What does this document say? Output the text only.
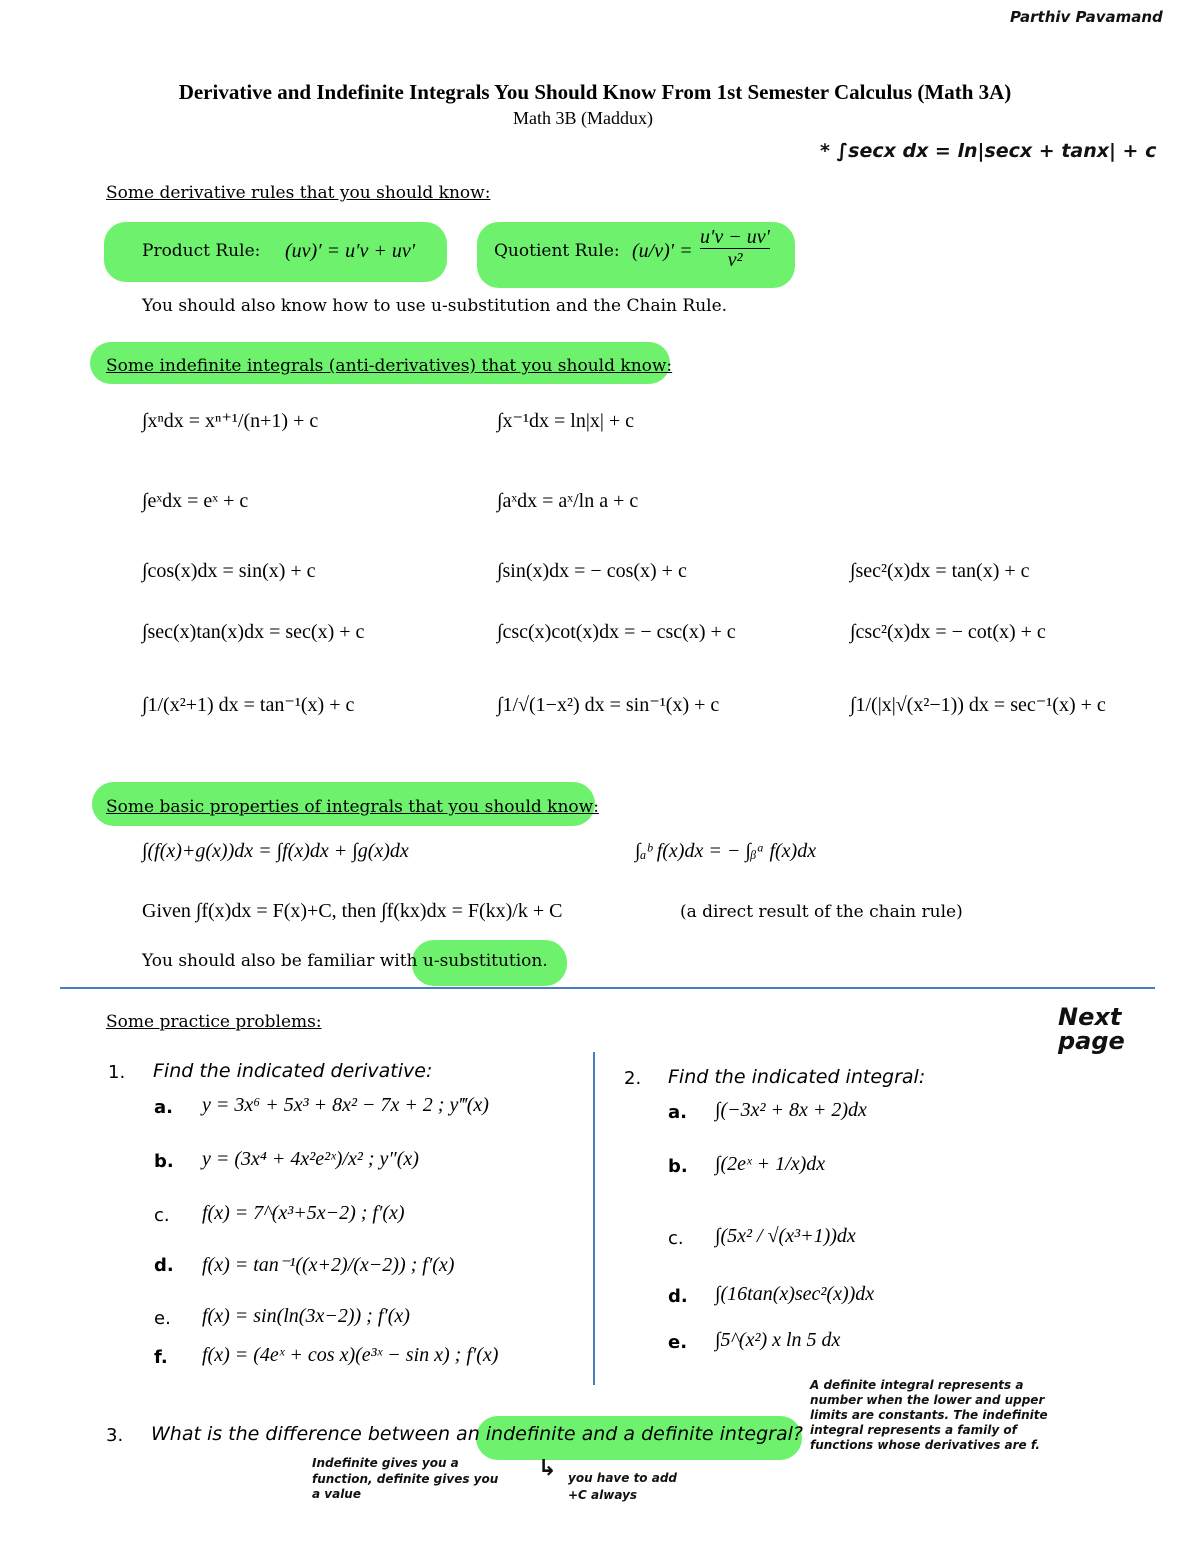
Parthiv Pavamand
Derivative and Indefinite Integrals You Should Know From 1st Semester Calculus (Math 3A)
Math 3B (Maddux)
* ∫secx dx = ln|secx + tanx| + c
Some derivative rules that you should know:
Product Rule: (uv)′ = u′v + uv′	Quotient Rule: $(u/v)' = \frac{u'v - uv'}{\text{v²}}$
You should also know how to use u-substitution and the Chain Rule.
Some indefinite integrals (anti-derivatives) that you should know:
∫xⁿdx = xⁿ⁺¹/(n+1) + c	∫x⁻¹dx = ln|x| + c
∫eˣdx = eˣ + c	∫aˣdx = aˣ/ln a + c
∫cos(x)dx = sin(x) + c	∫sin(x)dx = − cos(x) + c	∫sec²(x)dx = tan(x) + c
∫sec(x)tan(x)dx = sec(x) + c	∫csc(x)cot(x)dx = − csc(x) + c	∫csc²(x)dx = − cot(x) + c
∫1/(x²+1) dx = tan⁻¹(x) + c	∫1/√(1−x²) dx = sin⁻¹(x) + c	∫1/(|x|√(x²−1)) dx = sec⁻¹(x) + c
Some basic properties of integrals that you should know:
∫(f(x)+g(x))dx = ∫f(x)dx + ∫g(x)dx	∫ₐᵇ f(x)dx = − ∫ᵦᵃ f(x)dx
Given ∫f(x)dx = F(x)+C, then ∫f(kx)dx = F(kx)/k + C	(a direct result of the chain rule)
You should also be familiar with u-substitution.
Some practice problems:	Next page
1. Find the indicated derivative:
a. y = 3x⁶ + 5x³ + 8x² − 7x + 2 ; y‴(x)
b. y = (3x⁴ + 4x²e²ˣ)/x² ; y″(x)
c. f(x) = 7^(x³+5x−2) ; f′(x)
d. f(x) = tan⁻¹((x+2)/(x−2)) ; f′(x)
e. f(x) = sin(ln(3x−2)) ; f′(x)
f. f(x) = (4eˣ + cos x)(e³ˣ − sin x) ; f′(x)
2. Find the indicated integral:
a. ∫(−3x² + 8x + 2)dx
b. ∫(2eˣ + 1/x)dx
c. ∫(5x² / √(x³+1))dx
d. ∫(16tan(x)sec²(x))dx
e. ∫5^(x²) x ln 5 dx
A definite integral represents a number when the lower and upper limits are constants. The indefinite integral represents a family of functions whose derivatives are f.
3. What is the difference between an indefinite and a definite integral?
Indefinite gives you a function, definite gives you a value
↳ you have to add +C always
